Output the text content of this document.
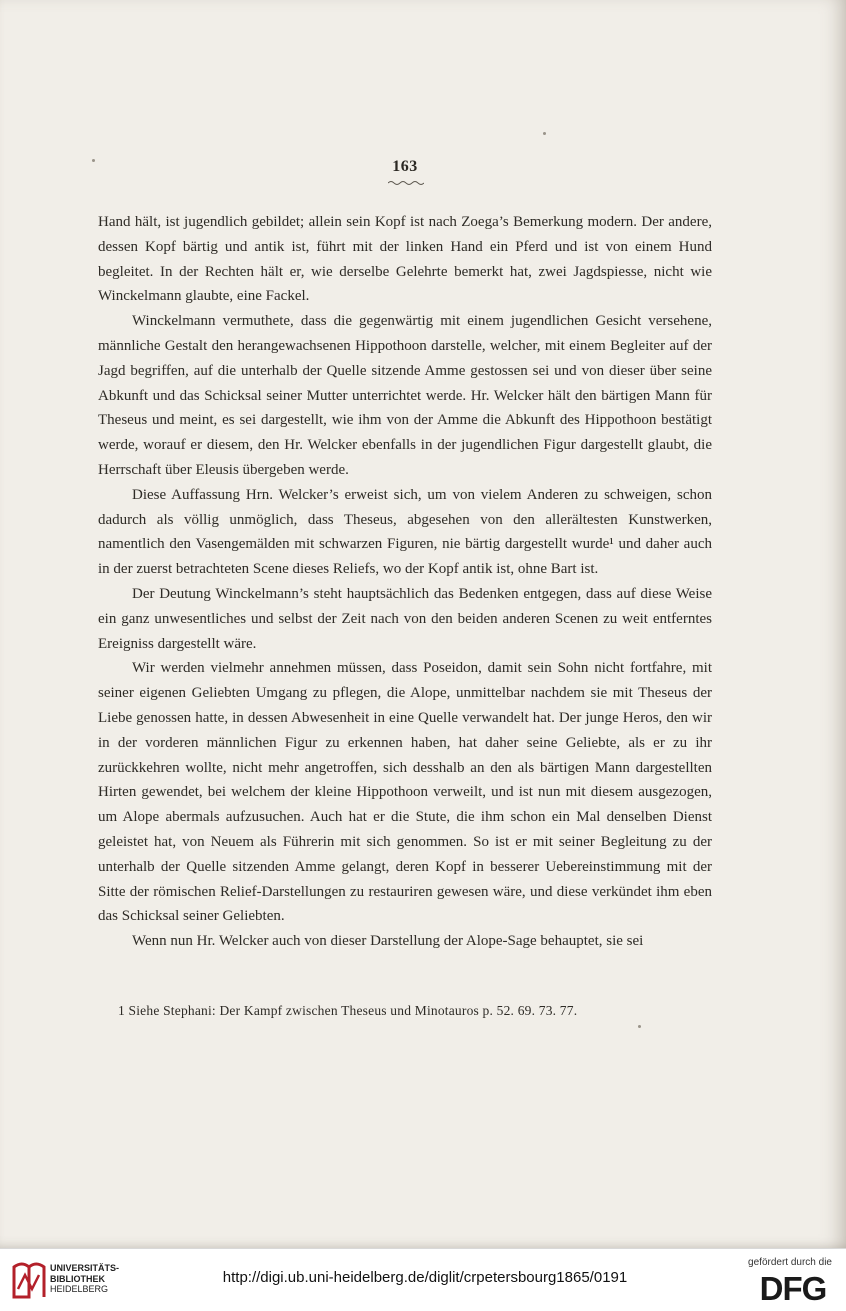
163

Hand hält, ist jugendlich gebildet; allein sein Kopf ist nach Zoega’s Bemerkung modern. Der andere, dessen Kopf bärtig und antik ist, führt mit der linken Hand ein Pferd und ist von einem Hund begleitet. In der Rechten hält er, wie derselbe Gelehrte bemerkt hat, zwei Jagdspiesse, nicht wie Winckelmann glaubte, eine Fackel.

Winckelmann vermuthete, dass die gegenwärtig mit einem jugendlichen Gesicht versehene, männliche Gestalt den herangewachsenen Hippothoon darstelle, welcher, mit einem Begleiter auf der Jagd begriffen, auf die unterhalb der Quelle sitzende Amme gestossen sei und von dieser über seine Abkunft und das Schicksal seiner Mutter unterrichtet werde. Hr. Welcker hält den bärtigen Mann für Theseus und meint, es sei dargestellt, wie ihm von der Amme die Abkunft des Hippothoon bestätigt werde, worauf er diesem, den Hr. Welcker ebenfalls in der jugendlichen Figur dargestellt glaubt, die Herrschaft über Eleusis übergeben werde.

Diese Auffassung Hrn. Welcker’s erweist sich, um von vielem Anderen zu schweigen, schon dadurch als völlig unmöglich, dass Theseus, abgesehen von den allerältesten Kunstwerken, namentlich den Vasengemälden mit schwarzen Figuren, nie bärtig dargestellt wurde¹ und daher auch in der zuerst betrachteten Scene dieses Reliefs, wo der Kopf antik ist, ohne Bart ist.

Der Deutung Winckelmann’s steht hauptsächlich das Bedenken entgegen, dass auf diese Weise ein ganz unwesentliches und selbst der Zeit nach von den beiden anderen Scenen zu weit entferntes Ereigniss dargestellt wäre.

Wir werden vielmehr annehmen müssen, dass Poseidon, damit sein Sohn nicht fortfahre, mit seiner eigenen Geliebten Umgang zu pflegen, die Alope, unmittelbar nachdem sie mit Theseus der Liebe genossen hatte, in dessen Abwesenheit in eine Quelle verwandelt hat. Der junge Heros, den wir in der vorderen männlichen Figur zu erkennen haben, hat daher seine Geliebte, als er zu ihr zurückkehren wollte, nicht mehr angetroffen, sich desshalb an den als bärtigen Mann dargestellten Hirten gewendet, bei welchem der kleine Hippothoon verweilt, und ist nun mit diesem ausgezogen, um Alope abermals aufzusuchen. Auch hat er die Stute, die ihm schon ein Mal denselben Dienst geleistet hat, von Neuem als Führerin mit sich genommen. So ist er mit seiner Begleitung zu der unterhalb der Quelle sitzenden Amme gelangt, deren Kopf in besserer Uebereinstimmung mit der Sitte der römischen Relief-Darstellungen zu restauriren gewesen wäre, und diese verkündet ihm eben das Schicksal seiner Geliebten.

Wenn nun Hr. Welcker auch von dieser Darstellung der Alope-Sage behauptet, sie sei

1 Siehe Stephani: Der Kampf zwischen Theseus und Minotauros p. 52. 69. 73. 77.
UNIVERSITÄTS-
BIBLIOTHEK
HEIDELBERG
http://digi.ub.uni-heidelberg.de/diglit/crpetersbourg1865/0191
gefördert durch die
DFG
